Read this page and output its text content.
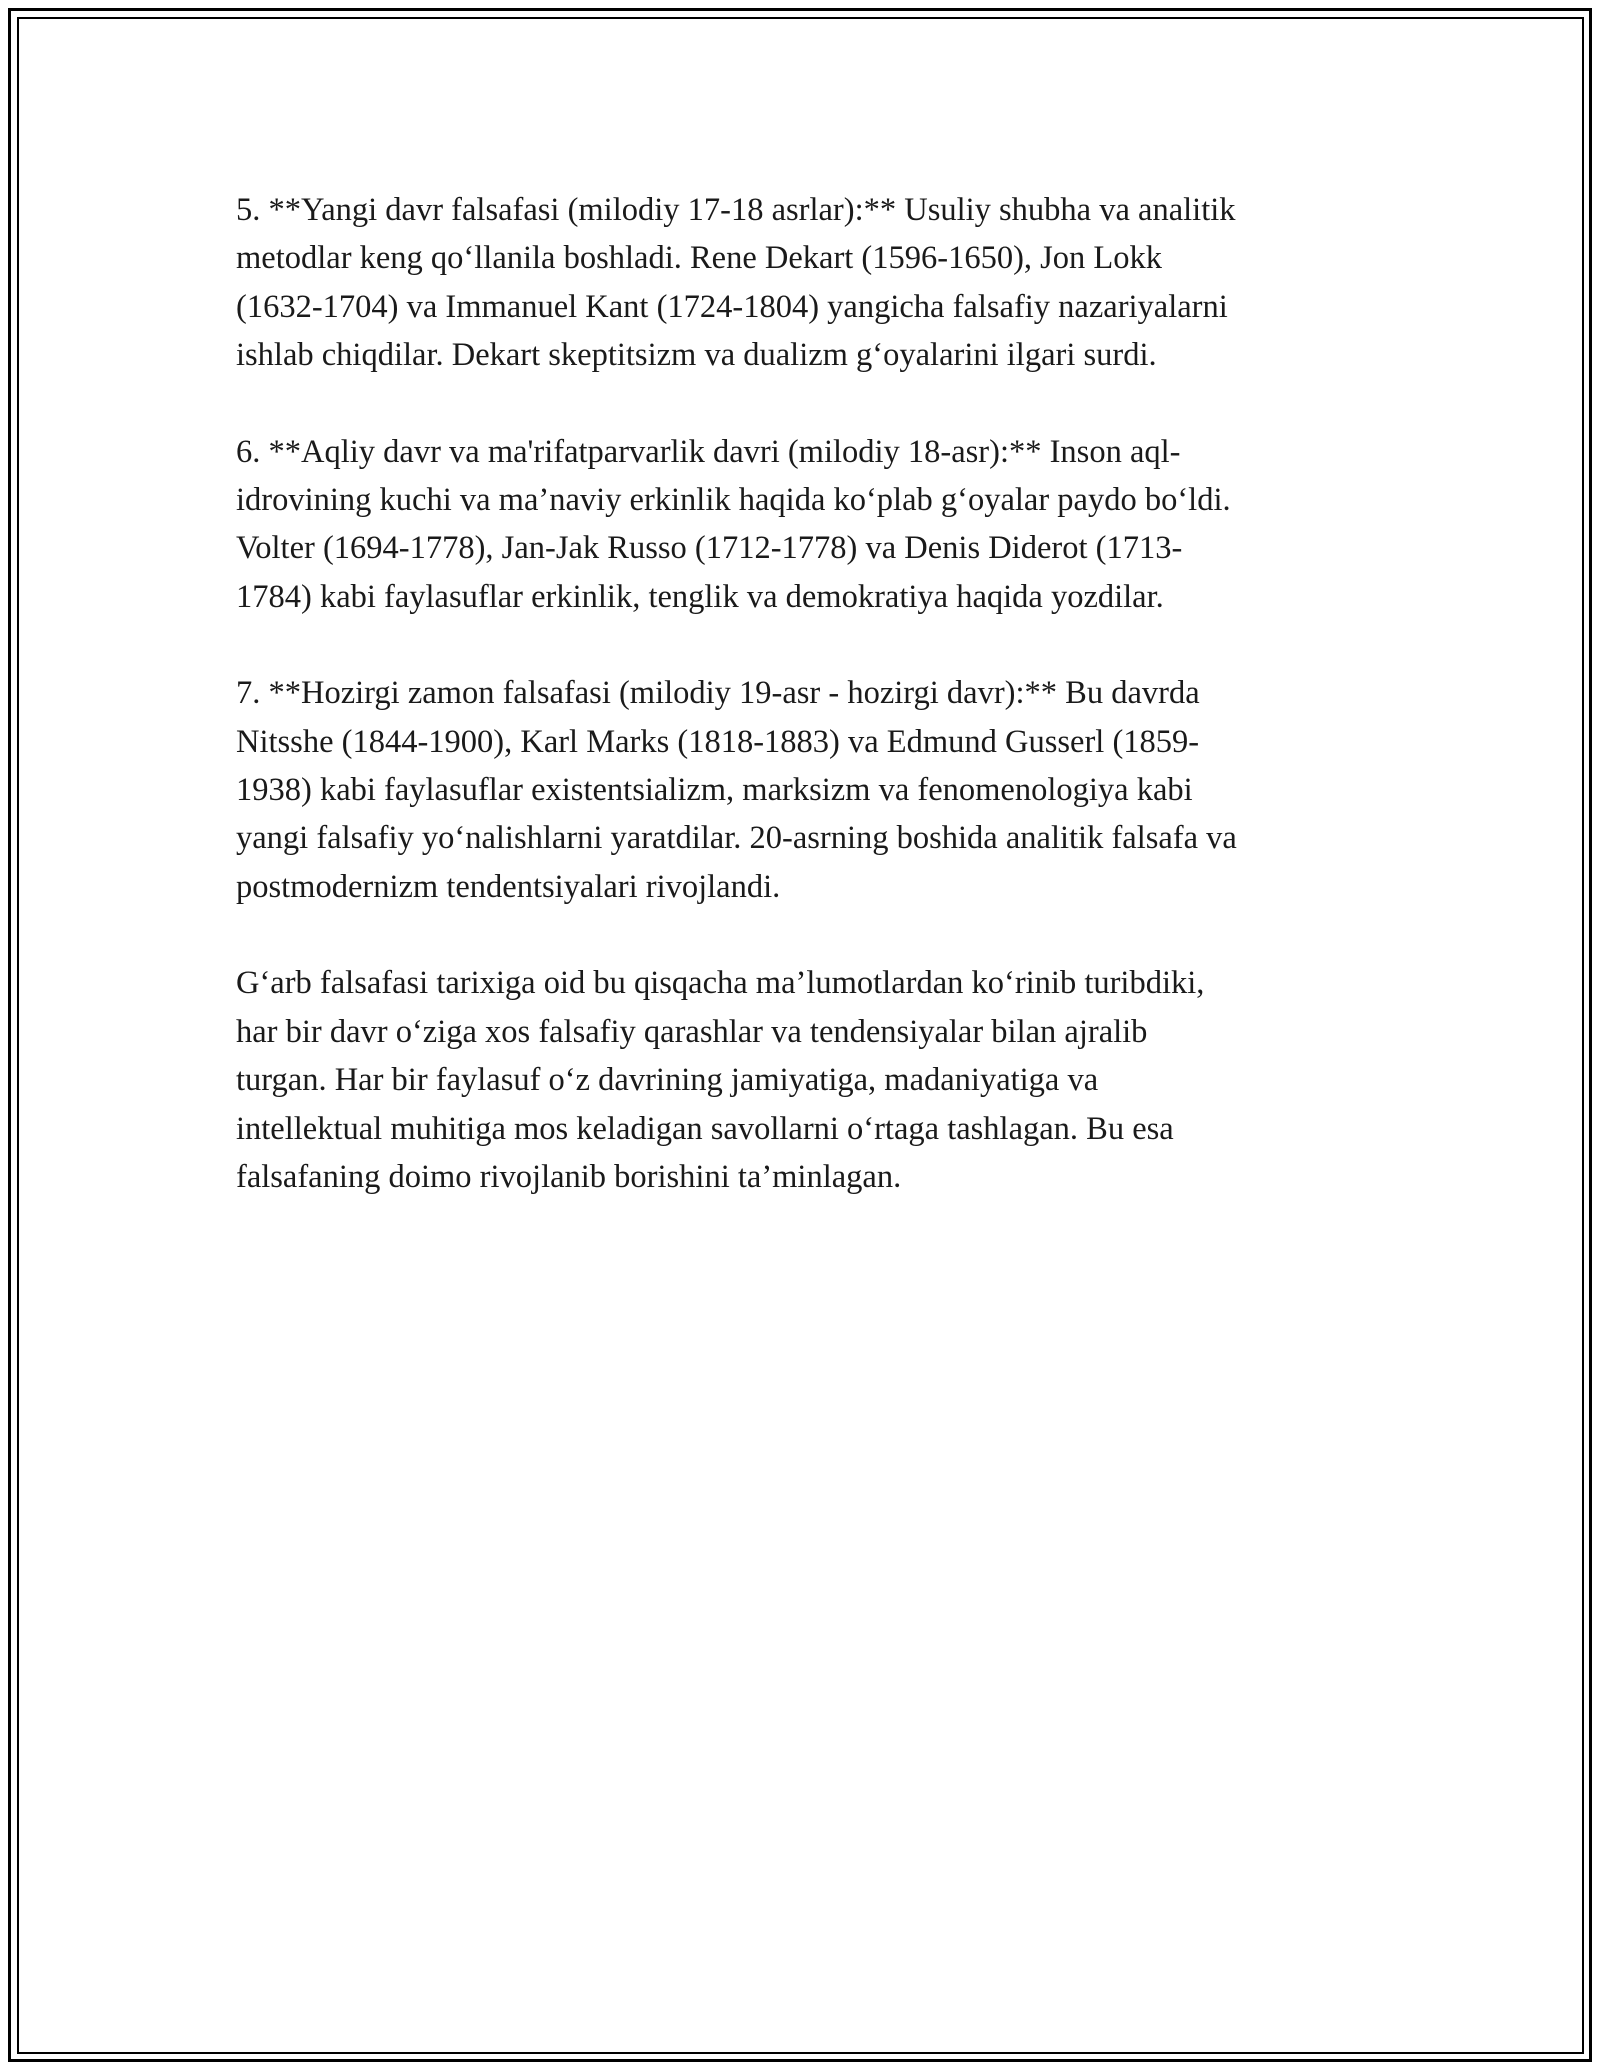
5. **Yangi davr falsafasi (milodiy 17-18 asrlar):** Usuliy shubha va analitik
metodlar keng qo‘llanila boshladi. Rene Dekart (1596-1650), Jon Lokk
(1632-1704) va Immanuel Kant (1724-1804) yangicha falsafiy nazariyalarni
ishlab chiqdilar. Dekart skeptitsizm va dualizm g‘oyalarini ilgari surdi.

6. **Aqliy davr va ma'rifatparvarlik davri (milodiy 18-asr):** Inson aql-
idrovining kuchi va ma’naviy erkinlik haqida ko‘plab g‘oyalar paydo bo‘ldi.
Volter (1694-1778), Jan-Jak Russo (1712-1778) va Denis Diderot (1713-
1784) kabi faylasuflar erkinlik, tenglik va demokratiya haqida yozdilar.

7. **Hozirgi zamon falsafasi (milodiy 19-asr - hozirgi davr):** Bu davrda
Nitsshe (1844-1900), Karl Marks (1818-1883) va Edmund Gusserl (1859-
1938) kabi faylasuflar existentsializm, marksizm va fenomenologiya kabi
yangi falsafiy yo‘nalishlarni yaratdilar. 20-asrning boshida analitik falsafa va
postmodernizm tendentsiyalari rivojlandi.

G‘arb falsafasi tarixiga oid bu qisqacha ma’lumotlardan ko‘rinib turibdiki,
har bir davr o‘ziga xos falsafiy qarashlar va tendensiyalar bilan ajralib
turgan. Har bir faylasuf o‘z davrining jamiyatiga, madaniyatiga va
intellektual muhitiga mos keladigan savollarni o‘rtaga tashlagan. Bu esa
falsafaning doimo rivojlanib borishini ta’minlagan.
